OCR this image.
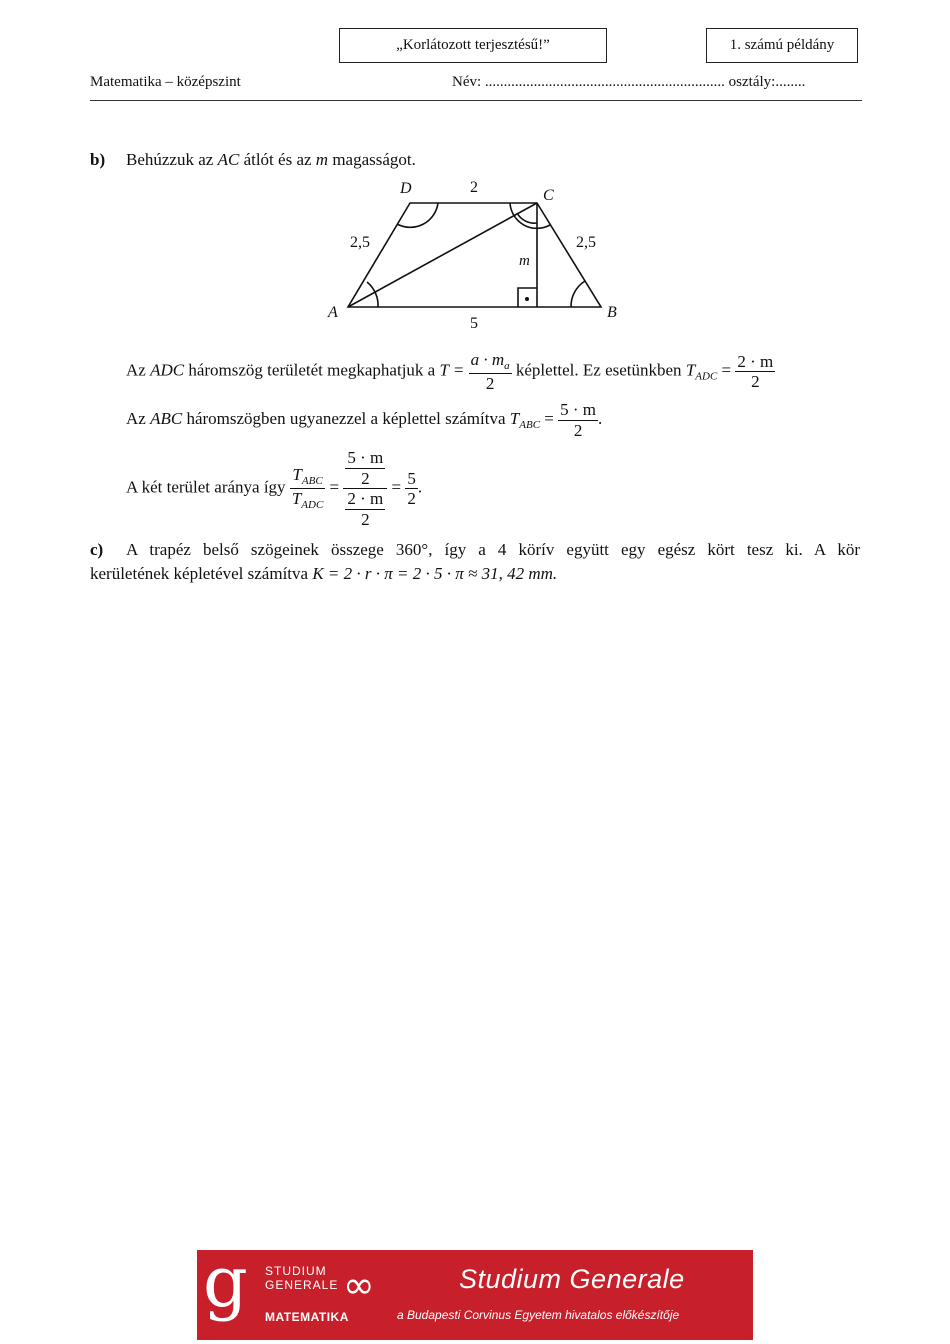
„Korlátozott terjesztésű!”	1. számú példány
Matematika – középszint	Név: ................................................................ osztály:........
b) Behúzzuk az AC átlót és az m magasságot.
D	C
A	B
2
2,5	2,5
5
m
Az ADC háromszög területét megkaphatjuk a $T = \frac{a \cdot m_a}{2}$ képlettel. Ez esetünkben $T_{ADC} = \frac{2 \cdot m}{2}$
Az ABC háromszögben ugyanezzel a képlettel számítva $T_{ABC} = \frac{5 \cdot m}{2}$ .
A két terület aránya így $\frac{T_{ABC}}{T_{ADC}} = \frac{\frac{5 \cdot m}{2}}{\frac{2 \cdot m}{2}} = \frac{5}{2}$ .
c) A trapéz belső szögeinek összege 360°, így a 4 körív együtt egy egész kört tesz ki. A kör
kerületének képletével számítva K = 2 · r · π = 2 · 5 · π ≈ 31, 42 mm.
g STUDIUM
GENERALE ∞
MATEMATIKA
Studium Generale
a Budapesti Corvinus Egyetem hivatalos előkészítője
